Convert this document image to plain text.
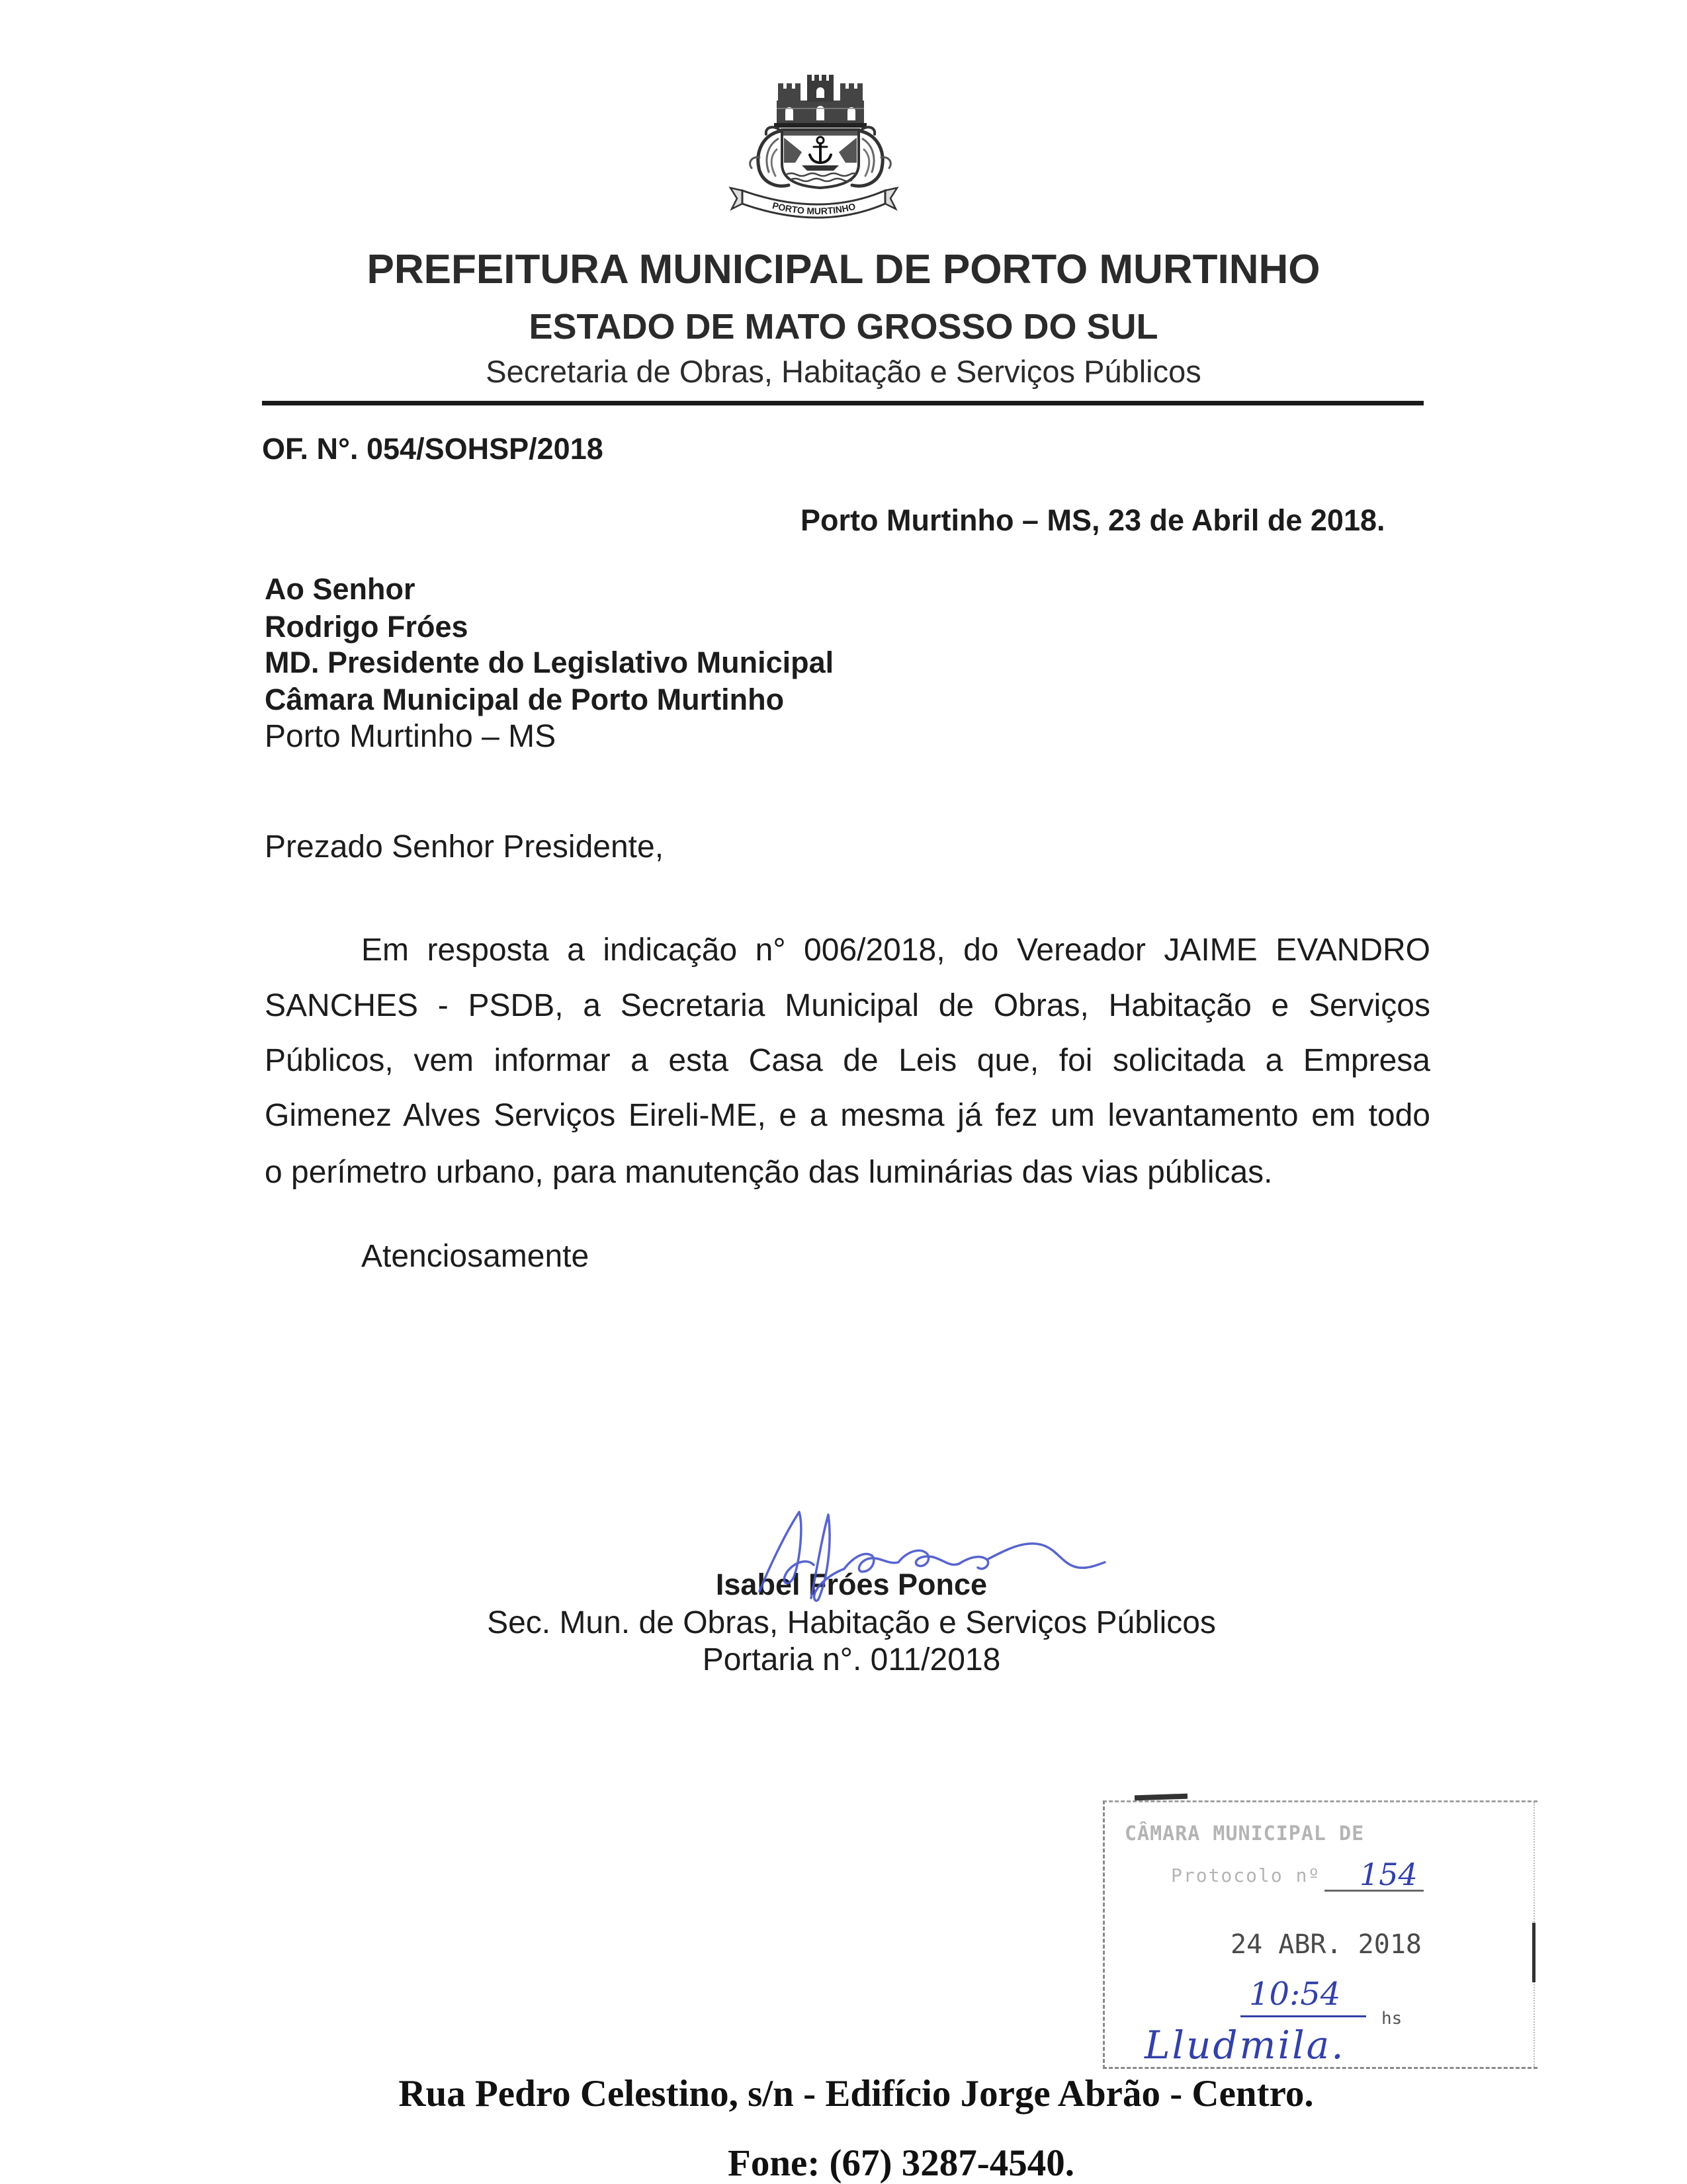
PORTO MURTINHO
PREFEITURA MUNICIPAL DE PORTO MURTINHO
ESTADO DE MATO GROSSO DO SUL
Secretaria de Obras, Habitação e Serviços Públicos
OF. N°. 054/SOHSP/2018
Porto Murtinho – MS, 23 de Abril de 2018.
Ao Senhor
Rodrigo Fróes
MD. Presidente do Legislativo Municipal
Câmara Municipal de Porto Murtinho
Porto Murtinho – MS
Prezado Senhor Presidente,
Em resposta a indicação n° 006/2018, do Vereador JAIME EVANDRO
SANCHES - PSDB, a Secretaria Municipal de Obras, Habitação e Serviços
Públicos, vem informar a esta Casa de Leis que, foi solicitada a Empresa
Gimenez Alves Serviços Eireli-ME, e a mesma já fez um levantamento em todo
o perímetro urbano, para manutenção das luminárias das vias públicas.
Atenciosamente
Isabel Fróes Ponce
Sec. Mun. de Obras, Habitação e Serviços Públicos
Portaria n°. 011/2018
CÂMARA MUNICIPAL DE
Protocolo nº 154
24 ABR. 2018
10:54
hs
Lludmila.
Rua Pedro Celestino, s/n - Edifício Jorge Abrão - Centro.
Fone: (67) 3287-4540.
